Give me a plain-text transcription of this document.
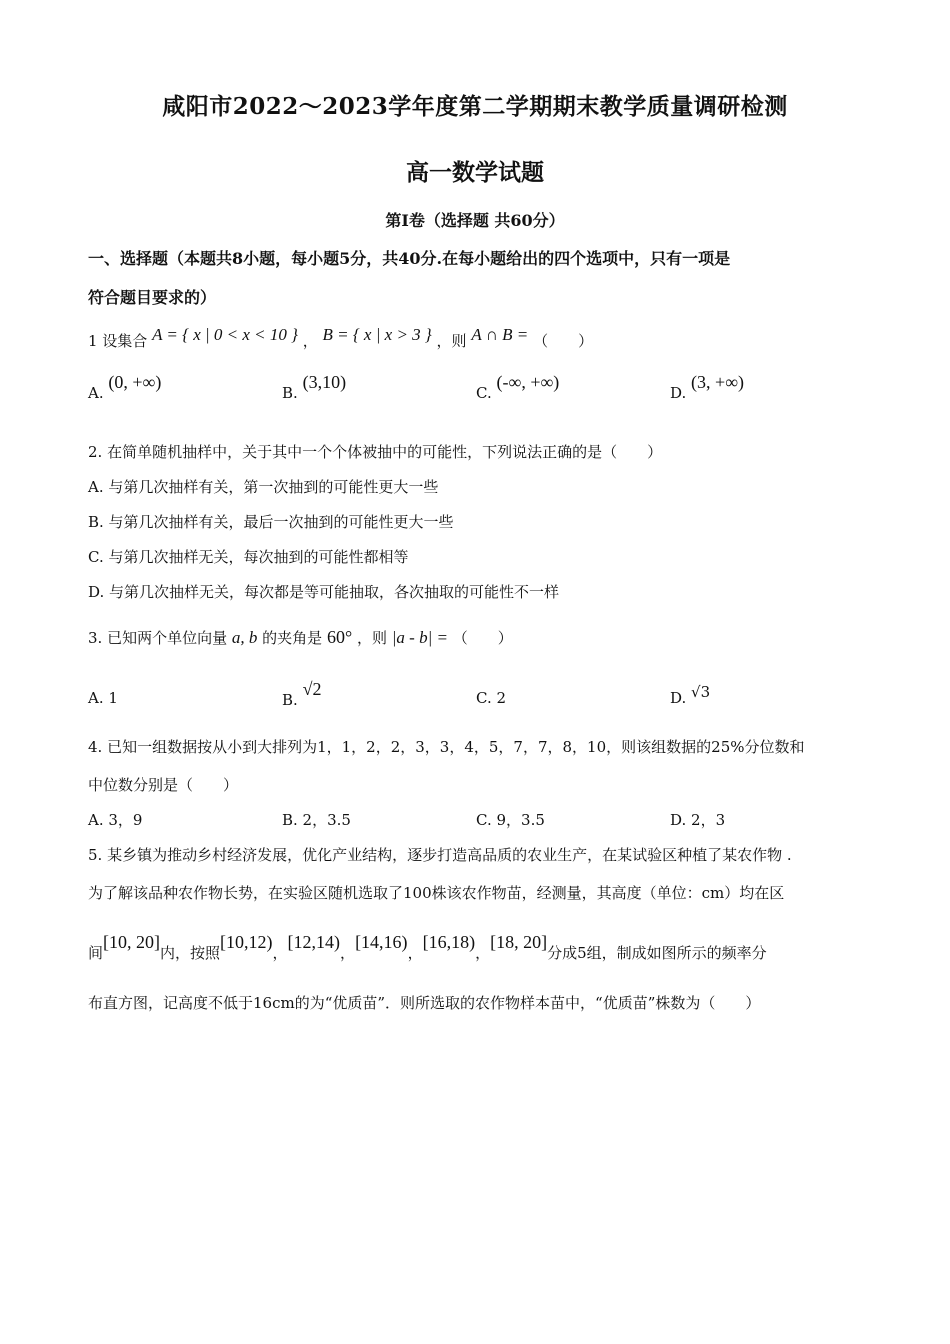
咸阳市2022～2023学年度第二学期期末教学质量调研检测
高一数学试题
第Ⅰ卷（选择题 共60分）
一、选择题（本题共8小题，每小题5分，共40分.在每小题给出的四个选项中，只有一项是
符合题目要求的）
1 设集合 A = { x | 0 < x < 10 } ， B = { x | x > 3 } ，则 A ∩ B = （　　）
A. (0, +∞)
B. (3,10)
C. (-∞, +∞)
D. (3, +∞)
2. 在简单随机抽样中，关于其中一个个体被抽中的可能性，下列说法正确的是（　　）
A. 与第几次抽样有关，第一次抽到的可能性更大一些
B. 与第几次抽样有关，最后一次抽到的可能性更大一些
C. 与第几次抽样无关，每次抽到的可能性都相等
D. 与第几次抽样无关，每次都是等可能抽取，各次抽取的可能性不一样
3. 已知两个单位向量 a, b 的夹角是 60° ，则 |a - b| = （　　）
A. 1	B. √2	C. 2	D. √3
4. 已知一组数据按从小到大排列为1，1，2，2，3，3，4，5，7，7，8，10，则该组数据的25%分位数和
中位数分别是（　　）
A. 3，9	B. 2，3.5	C. 9，3.5	D. 2，3
5. 某乡镇为推动乡村经济发展，优化产业结构，逐步打造高品质的农业生产，在某试验区种植了某农作物 .
为了解该品种农作物长势，在实验区随机选取了100株该农作物苗，经测量，其高度（单位：cm）均在区
间[10, 20]内，按照[10,12)，[12,14)，[14,16)，[16,18)，[18, 20]分成5组，制成如图所示的频率分
布直方图，记高度不低于16cm的为“优质苗”．则所选取的农作物样本苗中，“优质苗”株数为（　　）
